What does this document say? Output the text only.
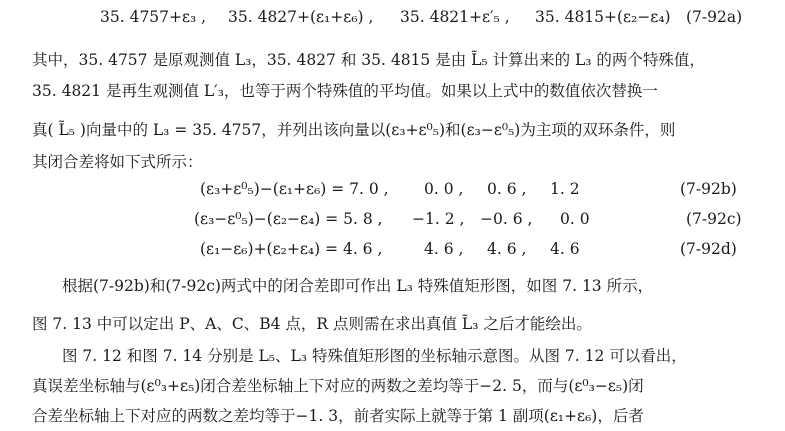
35. 4757+ε₃ , 35. 4827+(ε₁+ε₆) , 35. 4821+ε′₅ , 35. 4815+(ε₂−ε₄) (7-92a)
其中，35. 4757 是原观测值 L₃，35. 4827 和 35. 4815 是由 L̃₅ 计算出来的 L₃ 的两个特殊值，
35. 4821 是再生观测值 L′₃，也等于两个特殊值的平均值。如果以上式中的数值依次替换一
真( L̃₅ )向量中的 L₃ = 35. 4757，并列出该向量以(ε₃+ε⁰₅)和(ε₃−ε⁰₅)为主项的双环条件，则
其闭合差将如下式所示：
(ε₃+ε⁰₅)−(ε₁+ε₆) = 7. 0 , 0. 0 , 0. 6 , 1. 2	(7-92b)
(ε₃−ε⁰₅)−(ε₂−ε₄) = 5. 8 , −1. 2 , −0. 6 , 0. 0	(7-92c)
(ε₁−ε₆)+(ε₂+ε₄) = 4. 6 ,	4. 6 , 4. 6 , 4. 6	(7-92d)
根据(7-92b)和(7-92c)两式中的闭合差即可作出 L₃ 特殊值矩形图，如图 7. 13 所示，
图 7. 13 中可以定出 P、A、C、B4 点，R 点则需在求出真值 L̃₃ 之后才能绘出。
图 7. 12 和图 7. 14 分别是 L₅、L₃ 特殊值矩形图的坐标轴示意图。从图 7. 12 可以看出，
真误差坐标轴与(ε⁰₃+ε₅)闭合差坐标轴上下对应的两数之差均等于−2. 5，而与(ε⁰₃−ε₅)闭
合差坐标轴上下对应的两数之差均等于−1. 3，前者实际上就等于第 1 副项(ε₁+ε₆)，后者
